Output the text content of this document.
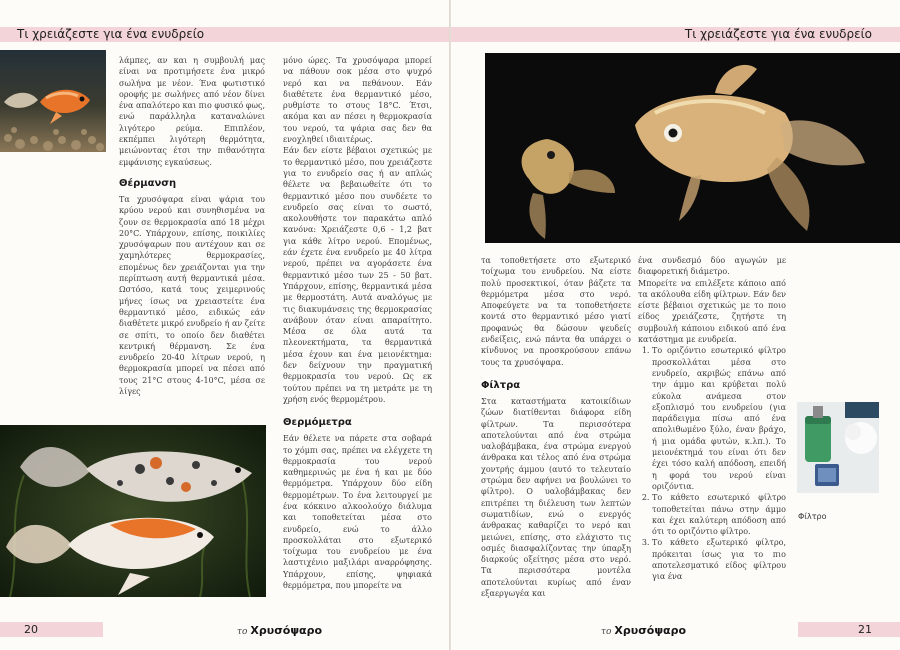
Τι χρειάζεστε για ένα ενυδρείο	Τι χρειάζεστε για ένα ενυδρείο

λάμπες, αν και η συμβουλή μας είναι να προτιμήσετε ένα μικρό σωλήνα με νέον. Ένα φωτιστικό οροφής με σωλήνες από νέον δίνει ένα απαλότερο και πιο φυσικό φως, ενώ παράλληλα καταναλώνει λιγότερο ρεύμα. Επιπλέον, εκπέμπει λιγότερη θερμότητα, μειώνοντας έτσι την πιθανότητα εμφάνισης εγκαύσεως.

Θέρμανση

Τα χρυσόψαρα είναι ψάρια του κρύου νερού και συνηθισμένα να ζουν σε θερμοκρασία από 18 μέχρι 20°C. Υπάρχουν, επίσης, ποικιλίες χρυσόψαρων που αντέχουν και σε χαμηλότερες θερμοκρασίες, επομένως δεν χρειάζονται για την περίπτωση αυτή θερμαντικά μέσα. Ωστόσο, κατά τους χειμερινούς μήνες ίσως να χρειαστείτε ένα θερμαντικό μέσο, ειδικώς εάν διαθέτετε μικρό ενυδρείο ή αν ζείτε σε σπίτι, το οποίο δεν διαθέτει κεντρική θέρμανση. Σε ένα ενυδρείο 20-40 λίτρων νερού, η θερμοκρασία μπορεί να πέσει από τους 21°C στους 4-10°C, μέσα σε λίγες

μόνο ώρες. Τα χρυσόψαρα μπορεί να πάθουν σοκ μέσα στο ψυχρό νερό και να πεθάνουν. Εάν διαθέτετε ένα θερμαντικό μέσο, ρυθμίστε το στους 18°C. Έτσι, ακόμα και αν πέσει η θερμοκρασία του νερού, τα ψάρια σας δεν θα ενοχληθεί ιδιαιτέρως.

Εάν δεν είστε βέβαιοι σχετικώς με το θερμαντικό μέσο, που χρειάζεστε για το ενυδρείο σας ή αν απλώς θέλετε να βεβαιωθείτε ότι το θερμαντικό μέσο που συνδέετε το ενυδρείο σας είναι το σωστό, ακολουθήστε τον παρακάτω απλό κανόνα: Χρειάζεστε 0,6 - 1,2 βατ για κάθε λίτρο νερού. Επομένως, εάν έχετε ένα ενυδρείο με 40 λίτρα νερού, πρέπει να αγοράσετε ένα θερμαντικό μέσο των 25 - 50 βατ. Υπάρχουν, επίσης, θερμαντικά μέσα με θερμοστάτη. Αυτά αναλόγως με τις διακυμάνσεις της θερμοκρασίας ανάβουν όταν είναι απαραίτητο. Μέσα σε όλα αυτά τα πλεονεκτήματα, τα θερμαντικά μέσα έχουν και ένα μειονέκτημα: δεν δείχνουν την πραγματική θερμοκρασία του νερού. Ως εκ τούτου πρέπει να τη μετράτε με τη χρήση ενός θερμομέτρου.

Θερμόμετρα

Εάν θέλετε να πάρετε στα σοβαρά το χόμπι σας, πρέπει να ελέγχετε τη θερμοκρασία του νερού καθημερινώς με ένα ή και με δύο θερμόμετρα. Υπάρχουν δύο είδη θερμομέτρων. Το ένα λειτουργεί με ένα κόκκινο αλκοολούχο διάλυμα και τοποθετείται μέσα στο ενυδρείο, ενώ το άλλο προσκολλάται στο εξωτερικό τοίχωμα του ενυδρείου με ένα λαστιχένιο μαξιλάρι αναρρόφησης. Υπάρχουν, επίσης, ψηφιακά θερμόμετρα, που μπορείτε να

τα τοποθετήσετε στο εξωτερικό τοίχωμα του ενυδρείου. Να είστε πολύ προσεκτικοί, όταν βάζετε τα θερμόμετρα μέσα στο νερό. Αποφεύγετε να τα τοποθετήσετε κοντά στο θερμαντικό μέσο γιατί προφανώς θα δώσουν ψευδείς ενδείξεις, ενώ πάντα θα υπάρχει ο κίνδυνος να προσκρούσουν επάνω τους τα χρυσόψαρα.

Φίλτρα

Στα καταστήματα κατοικίδιων ζώων διατίθενται διάφορα είδη φίλτρων. Τα περισσότερα αποτελούνται από ένα στρώμα υαλοβάμβακα, ένα στρώμα ενεργού άνθρακα και τέλος από ένα στρώμα χοντρής άμμου (αυτό το τελευταίο στρώμα δεν αφήνει να βουλώνει το φίλτρο). Ο υαλοβάμβακας δεν επιτρέπει τη διέλευση των λεπτών σωματιδίων, ενώ ο ενεργός άνθρακας καθαρίζει το νερό και μειώνει, επίσης, στο ελάχιστο τις οσμές διασφαλίζοντας την ύπαρξη διαρκούς οξείτησς μέσα στο νερό. Τα περισσότερα μοντέλα αποτελούνται κυρίως από έναν εξαεργωγέα και

ένα συνδεσμό δύο αγωγών με διαφορετική διάμετρο.

Μπορείτε να επιλέξετε κάποιο από τα ακόλουθα είδη φίλτρων. Εάν δεν είστε βέβαιοι σχετικώς με το ποιο είδος χρειάζεστε, ζητήστε τη συμβουλή κάποιου ειδικού από ένα κατάστημα με ενυδρεία.

1. Το οριζόντιο εσωτερικό φίλτρο προσκολλάται μέσα στο ενυδρείο, ακριβώς επάνω από την άμμο και κρύβεται πολύ εύκολα ανάμεσα στον εξοπλισμό του ενυδρείου (για παράδειγμα πίσω από ένα απολιθωμένο ξύλο, έναν βράχο, ή μια ομάδα φυτών, κ.λπ.). Το μειονέκτημά του είναι ότι δεν έχει τόσο καλή απόδοση, επειδή η φορά του νερού είναι οριζόντια.
2. Το κάθετο εσωτερικό φίλτρο τοποθετείται πάνω στην άμμο και έχει καλύτερη απόδοση από ότι το οριζόντιο φίλτρο.
3. Το κάθετο εξωτερικό φίλτρο, πρόκειται ίσως για το πιο αποτελεσματικό είδος φίλτρου για ένα
Φίλτρο
20	21
το Χρυσόψαρο	το Χρυσόψαρο
